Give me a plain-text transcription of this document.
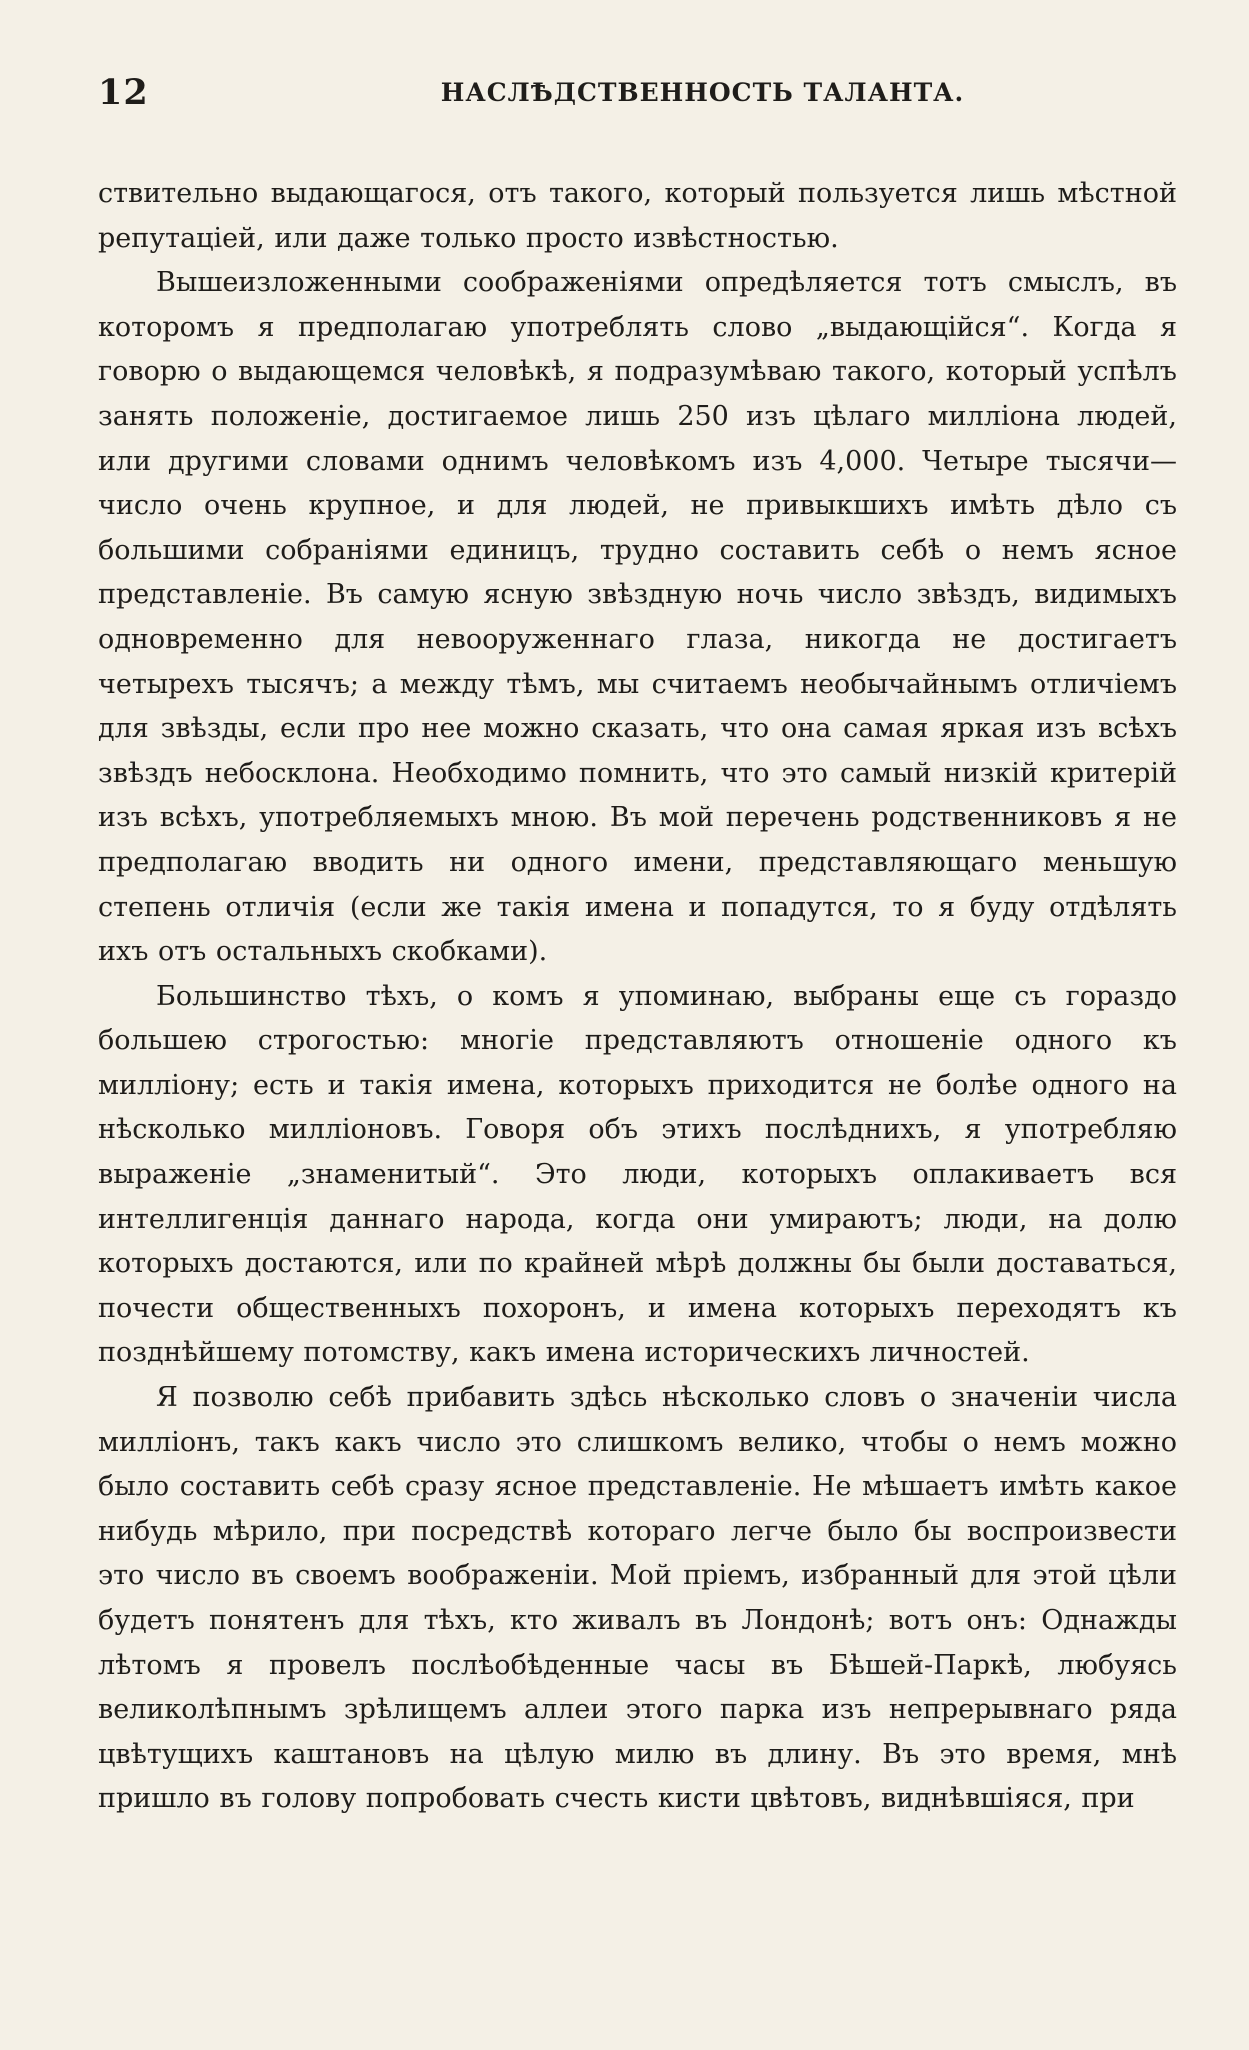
12	НАСЛѢДСТВЕННОСТЬ ТАЛАНТА.

ствительно выдающагося, отъ такого, который пользуется лишь мѣстной репутаціей, или даже только просто извѣстностью.

Вышеизложенными соображеніями опредѣляется тотъ смыслъ, въ которомъ я предполагаю употреблять слово „выдающійся“. Когда я говорю о выдающемся человѣкѣ, я подразумѣваю такого, который успѣлъ занять положеніе, достигаемое лишь 250 изъ цѣлаго милліона людей, или другими словами однимъ человѣкомъ изъ 4,000. Четыре тысячи—число очень крупное, и для людей, не привыкшихъ имѣть дѣло съ большими собраніями единицъ, трудно составить себѣ о немъ ясное представленіе. Въ самую ясную звѣздную ночь число звѣздъ, видимыхъ одновременно для невооруженнаго глаза, никогда не достигаетъ четырехъ тысячъ; а между тѣмъ, мы считаемъ необычайнымъ отличіемъ для звѣзды, если про нее можно сказать, что она самая яркая изъ всѣхъ звѣздъ небосклона. Необходимо помнить, что это самый низкій критерій изъ всѣхъ, употребляемыхъ мною. Въ мой перечень родственниковъ я не предполагаю вводить ни одного имени, представляющаго меньшую степень отличія (если же такія имена и попадутся, то я буду отдѣлять ихъ отъ остальныхъ скобками).

Большинство тѣхъ, о комъ я упоминаю, выбраны еще съ гораздо большею строгостью: многіе представляютъ отношеніе одного къ милліону; есть и такія имена, которыхъ приходится не болѣе одного на нѣсколько милліоновъ. Говоря объ этихъ послѣднихъ, я употребляю выраженіе „знаменитый“. Это люди, которыхъ оплакиваетъ вся интеллигенція даннаго народа, когда они умираютъ; люди, на долю которыхъ достаются, или по крайней мѣрѣ должны бы были доставаться, почести общественныхъ похоронъ, и имена которыхъ переходятъ къ позднѣйшему потомству, какъ имена историческихъ личностей.

Я позволю себѣ прибавить здѣсь нѣсколько словъ о значеніи числа милліонъ, такъ какъ число это слишкомъ велико, чтобы о немъ можно было составить себѣ сразу ясное представленіе. Не мѣшаетъ имѣть какое нибудь мѣрило, при посредствѣ котораго легче было бы воспроизвести это число въ своемъ воображеніи. Мой пріемъ, избранный для этой цѣли будетъ понятенъ для тѣхъ, кто живалъ въ Лондонѣ; вотъ онъ: Однажды лѣтомъ я провелъ послѣобѣденные часы въ Бѣшей-Паркѣ, любуясь великолѣпнымъ зрѣлищемъ аллеи этого парка изъ непрерывнаго ряда цвѣтущихъ каштановъ на цѣлую милю въ длину. Въ это время, мнѣ пришло въ голову попробовать счесть кисти цвѣтовъ, виднѣвшіяся, при
